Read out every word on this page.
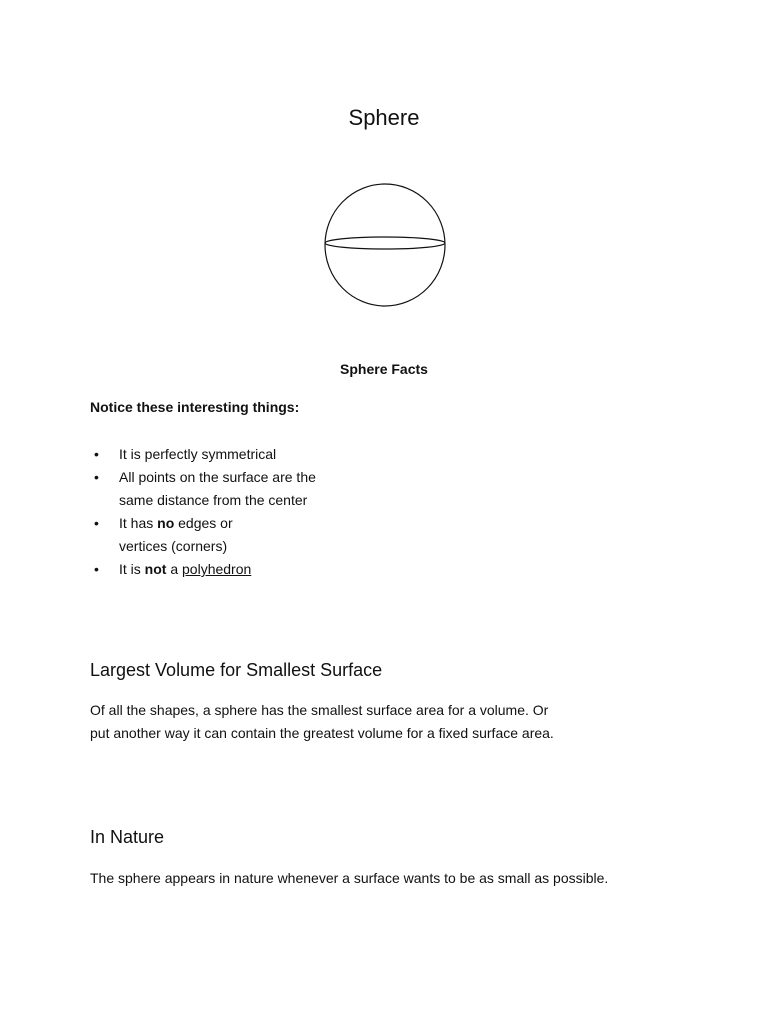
Sphere
Sphere Facts

Notice these interesting things:

• It is perfectly symmetrical
• All points on the surface are the
same distance from the center
• It has no edges or
vertices (corners)
• It is not a polyhedron
Largest Volume for Smallest Surface

Of all the shapes, a sphere has the smallest surface area for a volume. Or
put another way it can contain the greatest volume for a fixed surface area.

In Nature

The sphere appears in nature whenever a surface wants to be as small as possible.
